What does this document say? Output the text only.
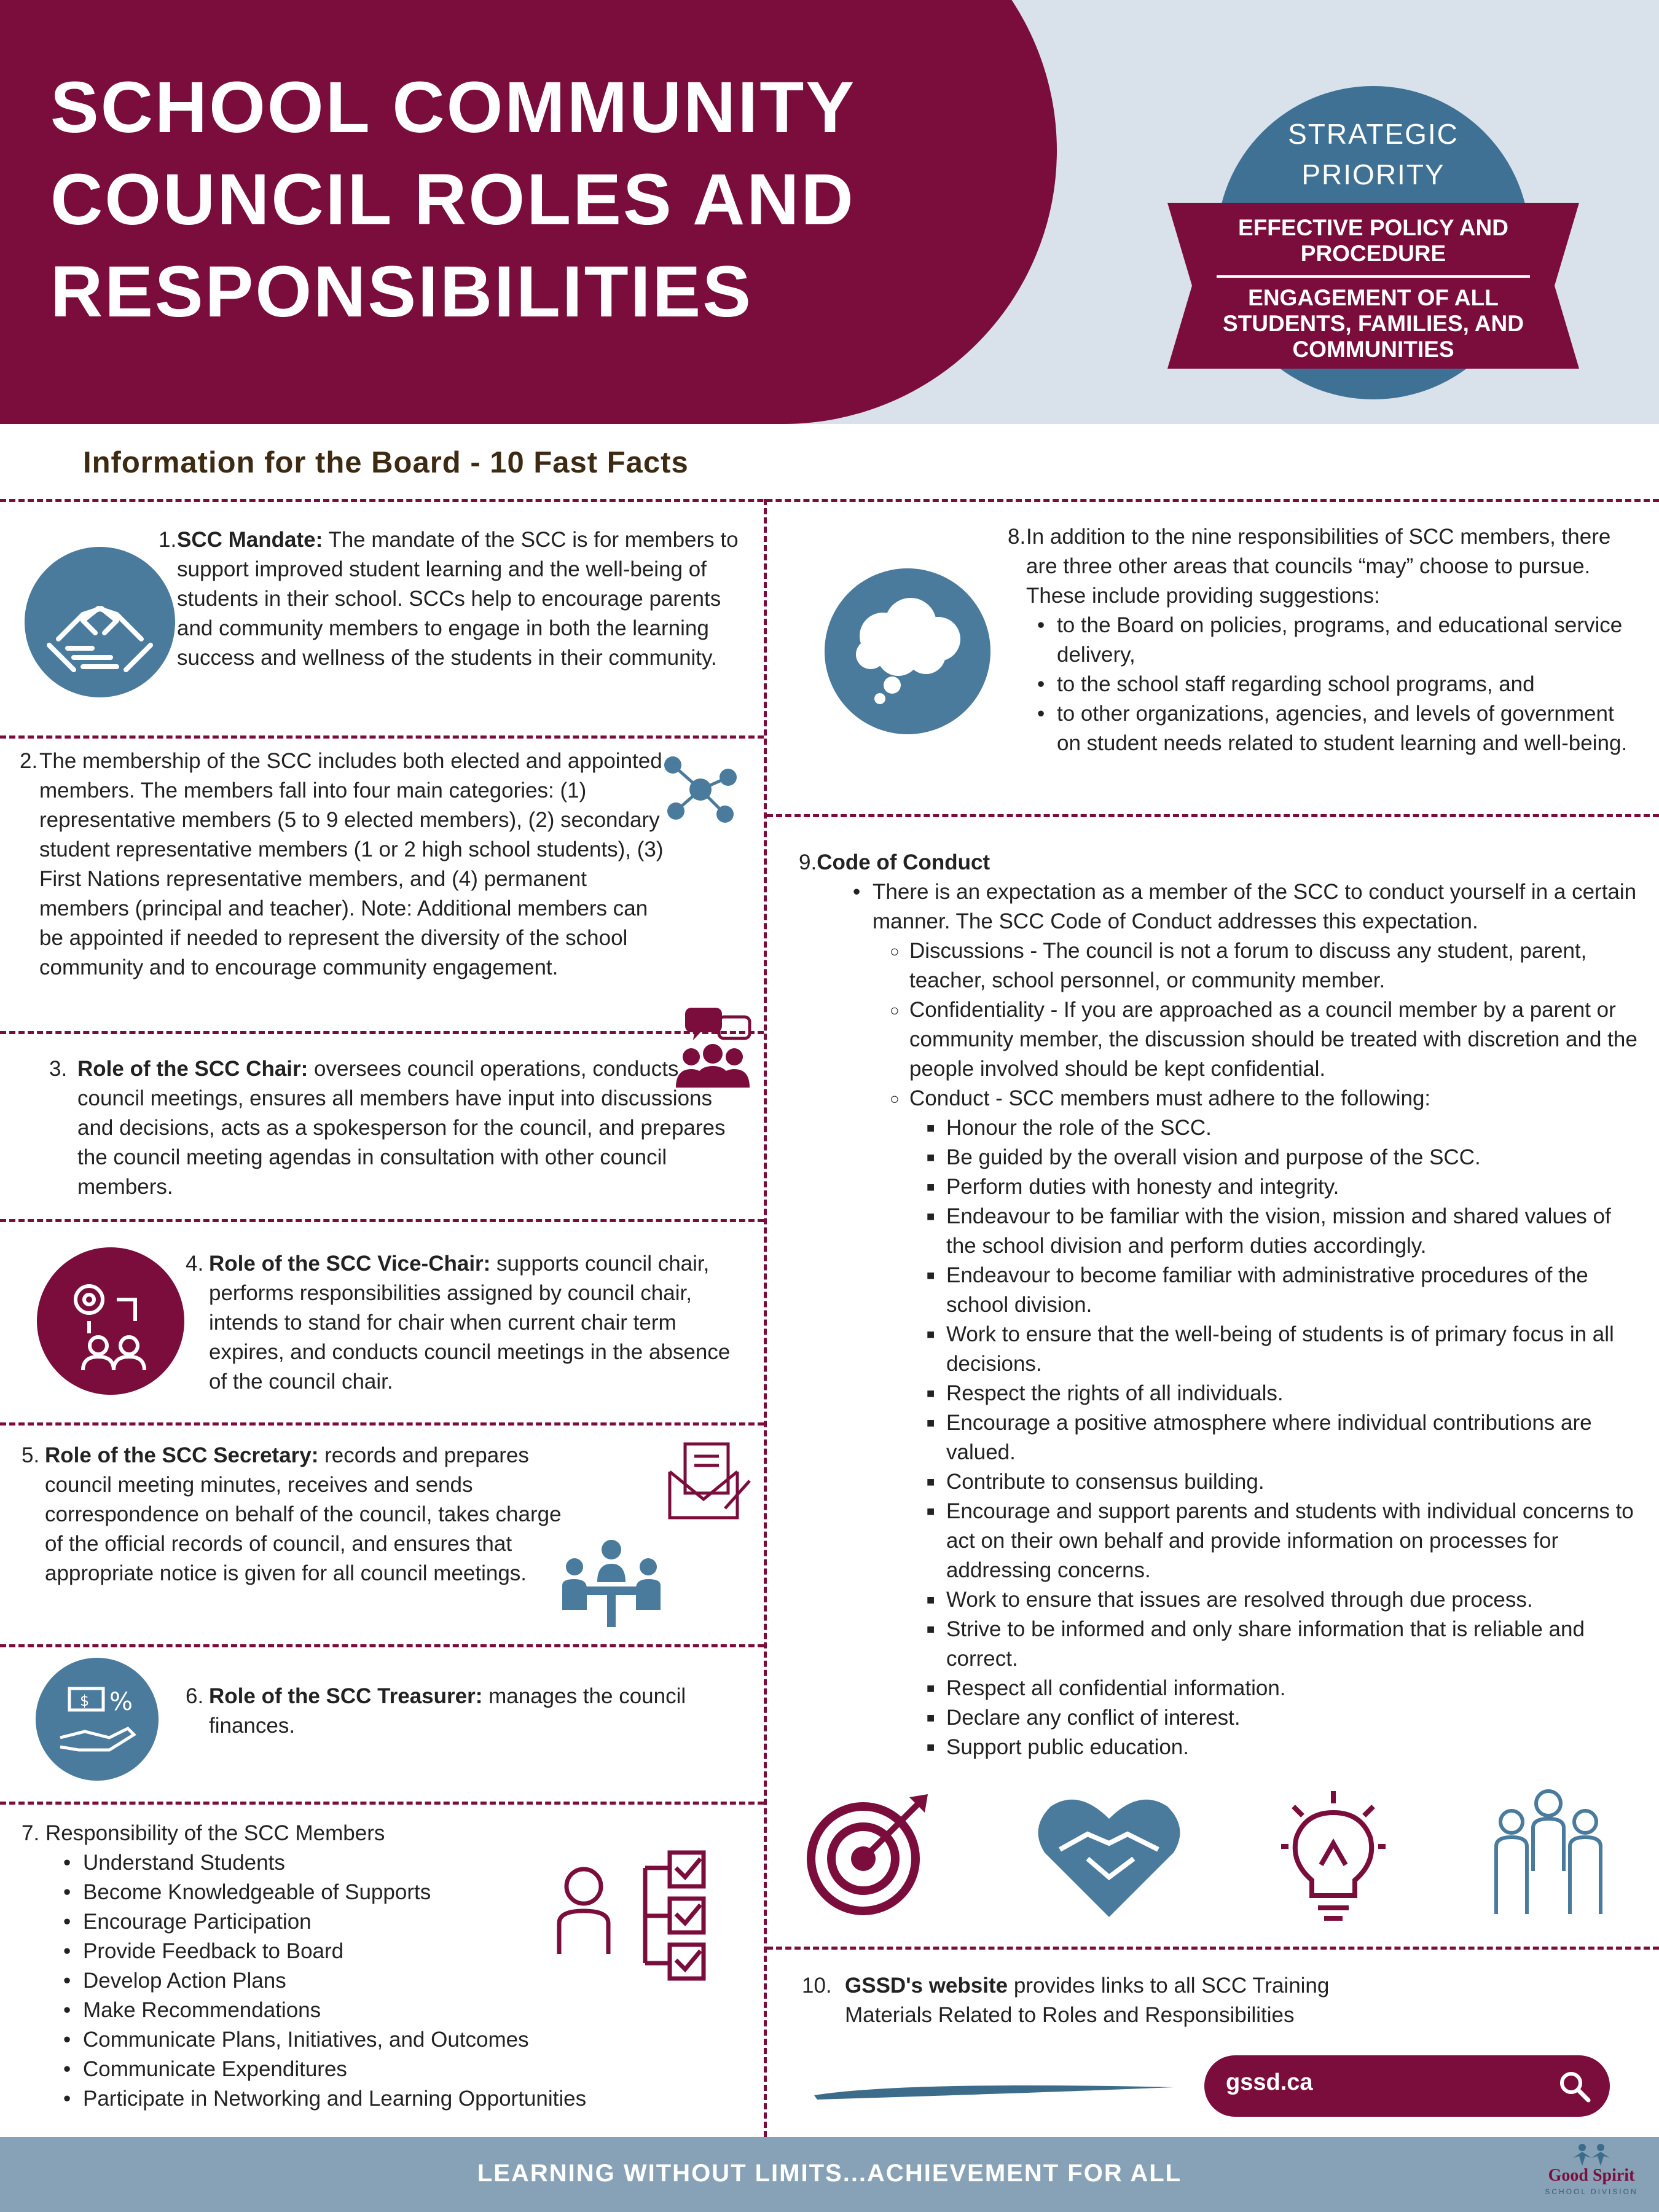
SCHOOL COMMUNITY
COUNCIL ROLES AND
RESPONSIBILITIES
STRATEGIC
PRIORITY
EFFECTIVE POLICY AND PROCEDURE
ENGAGEMENT OF ALL STUDENTS, FAMILIES, AND COMMUNITIES
Information for the Board - 10 Fast Facts
1. SCC Mandate: The mandate of the SCC is for members to support improved student learning and the well-being of students in their school. SCCs help to encourage parents and community members to engage in both the learning success and wellness of the students in their community.
2. The membership of the SCC includes both elected and appointed members. The members fall into four main categories: (1) representative members (5 to 9 elected members), (2) secondary student representative members (1 or 2 high school students), (3) First Nations representative members, and (4) permanent members (principal and teacher). Note: Additional members can be appointed if needed to represent the diversity of the school community and to encourage community engagement.
3. Role of the SCC Chair: oversees council operations, conducts council meetings, ensures all members have input into discussions and decisions, acts as a spokesperson for the council, and prepares the council meeting agendas in consultation with other council members.
4. Role of the SCC Vice-Chair: supports council chair, performs responsibilities assigned by council chair, intends to stand for chair when current chair term expires, and conducts council meetings in the absence of the council chair.
5. Role of the SCC Secretary: records and prepares council meeting minutes, receives and sends correspondence on behalf of the council, takes charge of the official records of council, and ensures that appropriate notice is given for all council meetings.
$ % 6. Role of the SCC Treasurer: manages the council finances.
7. Responsibility of the SCC Members
• Understand Students
• Become Knowledgeable of Supports
• Encourage Participation
• Provide Feedback to Board
• Develop Action Plans
• Make Recommendations
• Communicate Plans, Initiatives, and Outcomes
• Communicate Expenditures
• Participate in Networking and Learning Opportunities
8. In addition to the nine responsibilities of SCC members, there are three other areas that councils “may” choose to pursue. These include providing suggestions:
• to the Board on policies, programs, and educational service delivery,
• to the school staff regarding school programs, and
• to other organizations, agencies, and levels of government on student needs related to student learning and well-being.
9.Code of Conduct
• There is an expectation as a member of the SCC to conduct yourself in a certain manner. The SCC Code of Conduct addresses this expectation.
○ Discussions - The council is not a forum to discuss any student, parent, teacher, school personnel, or community member.
○ Confidentiality - If you are approached as a council member by a parent or community member, the discussion should be treated with discretion and the people involved should be kept confidential.
○ Conduct - SCC members must adhere to the following:
■ Honour the role of the SCC.
■ Be guided by the overall vision and purpose of the SCC.
■ Perform duties with honesty and integrity.
■ Endeavour to be familiar with the vision, mission and shared values of the school division and perform duties accordingly.
■ Endeavour to become familiar with administrative procedures of the school division.
■ Work to ensure that the well-being of students is of primary focus in all decisions.
■ Respect the rights of all individuals.
■ Encourage a positive atmosphere where individual contributions are valued.
■ Contribute to consensus building.
■ Encourage and support parents and students with individual concerns to act on their own behalf and provide information on processes for addressing concerns.
■ Work to ensure that issues are resolved through due process.
■ Strive to be informed and only share information that is reliable and correct.
■ Respect all confidential information.
■ Declare any conflict of interest.
■ Support public education.
10. GSSD's website provides links to all SCC Training Materials Related to Roles and Responsibilities
gssd.ca
LEARNING WITHOUT LIMITS...ACHIEVEMENT FOR ALL	Good Spirit
SCHOOL DIVISION
